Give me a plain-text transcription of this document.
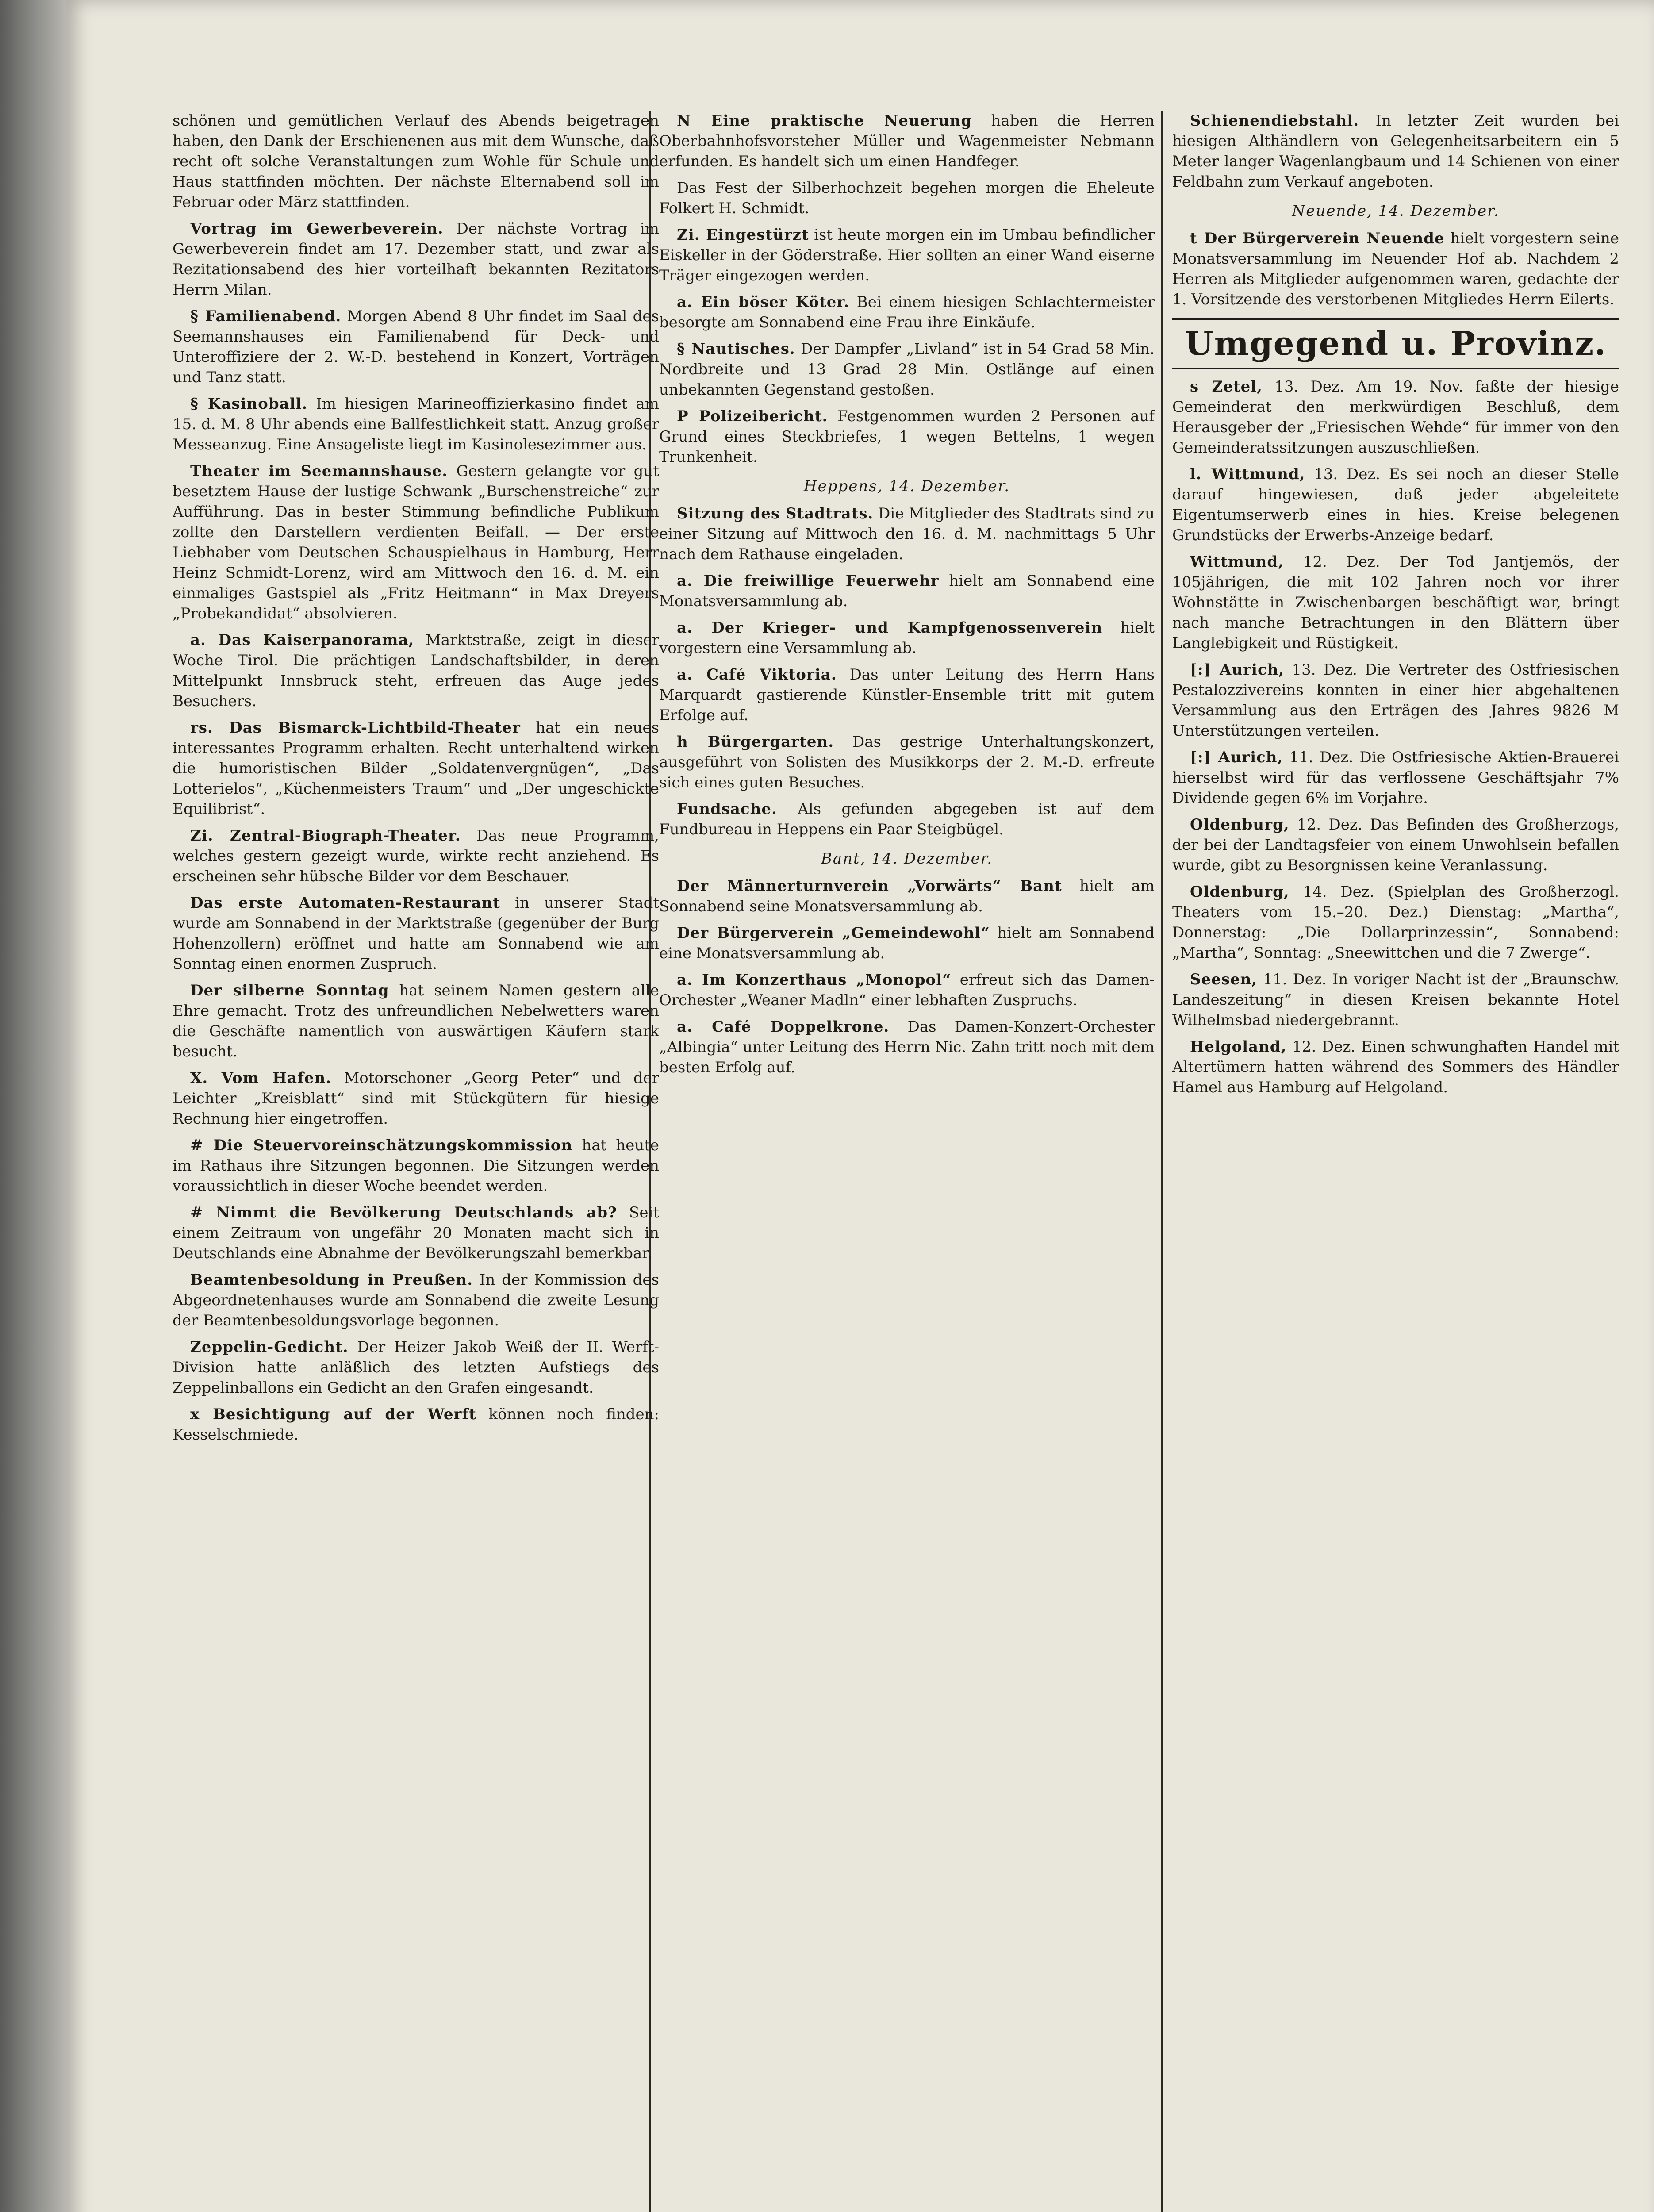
schönen und gemütlichen Verlauf des Abends beigetragen haben, den Dank der Erschienenen aus mit dem Wunsche, daß recht oft solche Veranstaltungen zum Wohle für Schule und Haus stattfinden möchten. Der nächste Elternabend soll im Februar oder März stattfinden.

Vortrag im Gewerbeverein. Der nächste Vortrag im Gewerbeverein findet am 17. Dezember statt, und zwar als Rezitationsabend des hier vorteilhaft bekannten Rezitators Herrn Milan.

§ Familienabend. Morgen Abend 8 Uhr findet im Saal des Seemannshauses ein Familienabend für Deck- und Unteroffiziere der 2. W.-D. bestehend in Konzert, Vorträgen und Tanz statt.

§ Kasinoball. Im hiesigen Marineoffizierkasino findet am 15. d. M. 8 Uhr abends eine Ballfestlichkeit statt. Anzug großer Messeanzug. Eine Ansageliste liegt im Kasinolesezimmer aus.

Theater im Seemannshause. Gestern gelangte vor gut besetztem Hause der lustige Schwank „Burschenstreiche“ zur Aufführung. Das in bester Stimmung befindliche Publikum zollte den Darstellern verdienten Beifall. — Der erste Liebhaber vom Deutschen Schauspielhaus in Hamburg, Herr Heinz Schmidt-Lorenz, wird am Mittwoch den 16. d. M. ein einmaliges Gastspiel als „Fritz Heitmann“ in Max Dreyers „Probekandidat“ absolvieren.

a. Das Kaiserpanorama, Marktstraße, zeigt in dieser Woche Tirol. Die prächtigen Landschaftsbilder, in deren Mittelpunkt Innsbruck steht, erfreuen das Auge jedes Besuchers.

rs. Das Bismarck-Lichtbild-Theater hat ein neues interessantes Programm erhalten. Recht unterhaltend wirken die humoristischen Bilder „Soldatenvergnügen“, „Das Lotterielos“, „Küchenmeisters Traum“ und „Der ungeschickte Equilibrist“.

Zi. Zentral-Biograph-Theater. Das neue Programm, welches gestern gezeigt wurde, wirkte recht anziehend. Es erscheinen sehr hübsche Bilder vor dem Beschauer.

Das erste Automaten-Restaurant in unserer Stadt wurde am Sonnabend in der Marktstraße (gegenüber der Burg Hohenzollern) eröffnet und hatte am Sonnabend wie am Sonntag einen enormen Zuspruch.

Der silberne Sonntag hat seinem Namen gestern alle Ehre gemacht. Trotz des unfreundlichen Nebelwetters waren die Geschäfte namentlich von auswärtigen Käufern stark besucht.

X. Vom Hafen. Motorschoner „Georg Peter“ und der Leichter „Kreisblatt“ sind mit Stückgütern für hiesige Rechnung hier eingetroffen.

# Die Steuervoreinschätzungskommission hat heute im Rathaus ihre Sitzungen begonnen. Die Sitzungen werden voraussichtlich in dieser Woche beendet werden.

# Nimmt die Bevölkerung Deutschlands ab? Seit einem Zeitraum von ungefähr 20 Monaten macht sich in Deutschlands eine Abnahme der Bevölkerungszahl bemerkbar.

Beamtenbesoldung in Preußen. In der Kommission des Abgeordnetenhauses wurde am Sonnabend die zweite Lesung der Beamtenbesoldungsvorlage begonnen.

Zeppelin-Gedicht. Der Heizer Jakob Weiß der II. Werft-Division hatte anläßlich des letzten Aufstiegs des Zeppelinballons ein Gedicht an den Grafen eingesandt.

x Besichtigung auf der Werft können noch finden: Kesselschmiede.

N Eine praktische Neuerung haben die Herren Oberbahnhofsvorsteher Müller und Wagenmeister Nebmann erfunden. Es handelt sich um einen Handfeger.

Das Fest der Silberhochzeit begehen morgen die Eheleute Folkert H. Schmidt.

Zi. Eingestürzt ist heute morgen ein im Umbau befindlicher Eiskeller in der Göderstraße. Hier sollten an einer Wand eiserne Träger eingezogen werden.

a. Ein böser Köter. Bei einem hiesigen Schlachtermeister besorgte am Sonnabend eine Frau ihre Einkäufe.

§ Nautisches. Der Dampfer „Livland“ ist in 54 Grad 58 Min. Nordbreite und 13 Grad 28 Min. Ostlänge auf einen unbekannten Gegenstand gestoßen.

P Polizeibericht. Festgenommen wurden 2 Personen auf Grund eines Steckbriefes, 1 wegen Bettelns, 1 wegen Trunkenheit.

Heppens, 14. Dezember.

Sitzung des Stadtrats. Die Mitglieder des Stadtrats sind zu einer Sitzung auf Mittwoch den 16. d. M. nachmittags 5 Uhr nach dem Rathause eingeladen.

a. Die freiwillige Feuerwehr hielt am Sonnabend eine Monatsversammlung ab.

a. Der Krieger- und Kampfgenossenverein hielt vorgestern eine Versammlung ab.

a. Café Viktoria. Das unter Leitung des Herrn Hans Marquardt gastierende Künstler-Ensemble tritt mit gutem Erfolge auf.

h Bürgergarten. Das gestrige Unterhaltungskonzert, ausgeführt von Solisten des Musikkorps der 2. M.-D. erfreute sich eines guten Besuches.

Fundsache. Als gefunden abgegeben ist auf dem Fundbureau in Heppens ein Paar Steigbügel.

Bant, 14. Dezember.

Der Männerturnverein „Vorwärts“ Bant hielt am Sonnabend seine Monatsversammlung ab.

Der Bürgerverein „Gemeindewohl“ hielt am Sonnabend eine Monatsversammlung ab.

a. Im Konzerthaus „Monopol“ erfreut sich das Damen-Orchester „Weaner Madln“ einer lebhaften Zuspruchs.

a. Café Doppelkrone. Das Damen-Konzert-Orchester „Albingia“ unter Leitung des Herrn Nic. Zahn tritt noch mit dem besten Erfolg auf.

Schienendiebstahl. In letzter Zeit wurden bei hiesigen Althändlern von Gelegenheitsarbeitern ein 5 Meter langer Wagenlangbaum und 14 Schienen von einer Feldbahn zum Verkauf angeboten.

Neuende, 14. Dezember.

t Der Bürgerverein Neuende hielt vorgestern seine Monatsversammlung im Neuender Hof ab. Nachdem 2 Herren als Mitglieder aufgenommen waren, gedachte der 1. Vorsitzende des verstorbenen Mitgliedes Herrn Eilerts.

Umgegend u. Provinz.

s Zetel, 13. Dez. Am 19. Nov. faßte der hiesige Gemeinderat den merkwürdigen Beschluß, dem Herausgeber der „Friesischen Wehde“ für immer von den Gemeinderatssitzungen auszuschließen.

l. Wittmund, 13. Dez. Es sei noch an dieser Stelle darauf hingewiesen, daß jeder abgeleitete Eigentumserwerb eines in hies. Kreise belegenen Grundstücks der Erwerbs-Anzeige bedarf.

Wittmund, 12. Dez. Der Tod Jantjemös, der 105jährigen, die mit 102 Jahren noch vor ihrer Wohnstätte in Zwischenbargen beschäftigt war, bringt nach manche Betrachtungen in den Blättern über Langlebigkeit und Rüstigkeit.

[:] Aurich, 13. Dez. Die Vertreter des Ostfriesischen Pestalozzivereins konnten in einer hier abgehaltenen Versammlung aus den Erträgen des Jahres 9826 M Unterstützungen verteilen.

[:] Aurich, 11. Dez. Die Ostfriesische Aktien-Brauerei hierselbst wird für das verflossene Geschäftsjahr 7% Dividende gegen 6% im Vorjahre.

Oldenburg, 12. Dez. Das Befinden des Großherzogs, der bei der Landtagsfeier von einem Unwohlsein befallen wurde, gibt zu Besorgnissen keine Veranlassung.

Oldenburg, 14. Dez. (Spielplan des Großherzogl. Theaters vom 15.–20. Dez.) Dienstag: „Martha“, Donnerstag: „Die Dollarprinzessin“, Sonnabend: „Martha“, Sonntag: „Sneewittchen und die 7 Zwerge“.

Seesen, 11. Dez. In voriger Nacht ist der „Braunschw. Landeszeitung“ in diesen Kreisen bekannte Hotel Wilhelmsbad niedergebrannt.

Helgoland, 12. Dez. Einen schwunghaften Handel mit Altertümern hatten während des Sommers des Händler Hamel aus Hamburg auf Helgoland.
